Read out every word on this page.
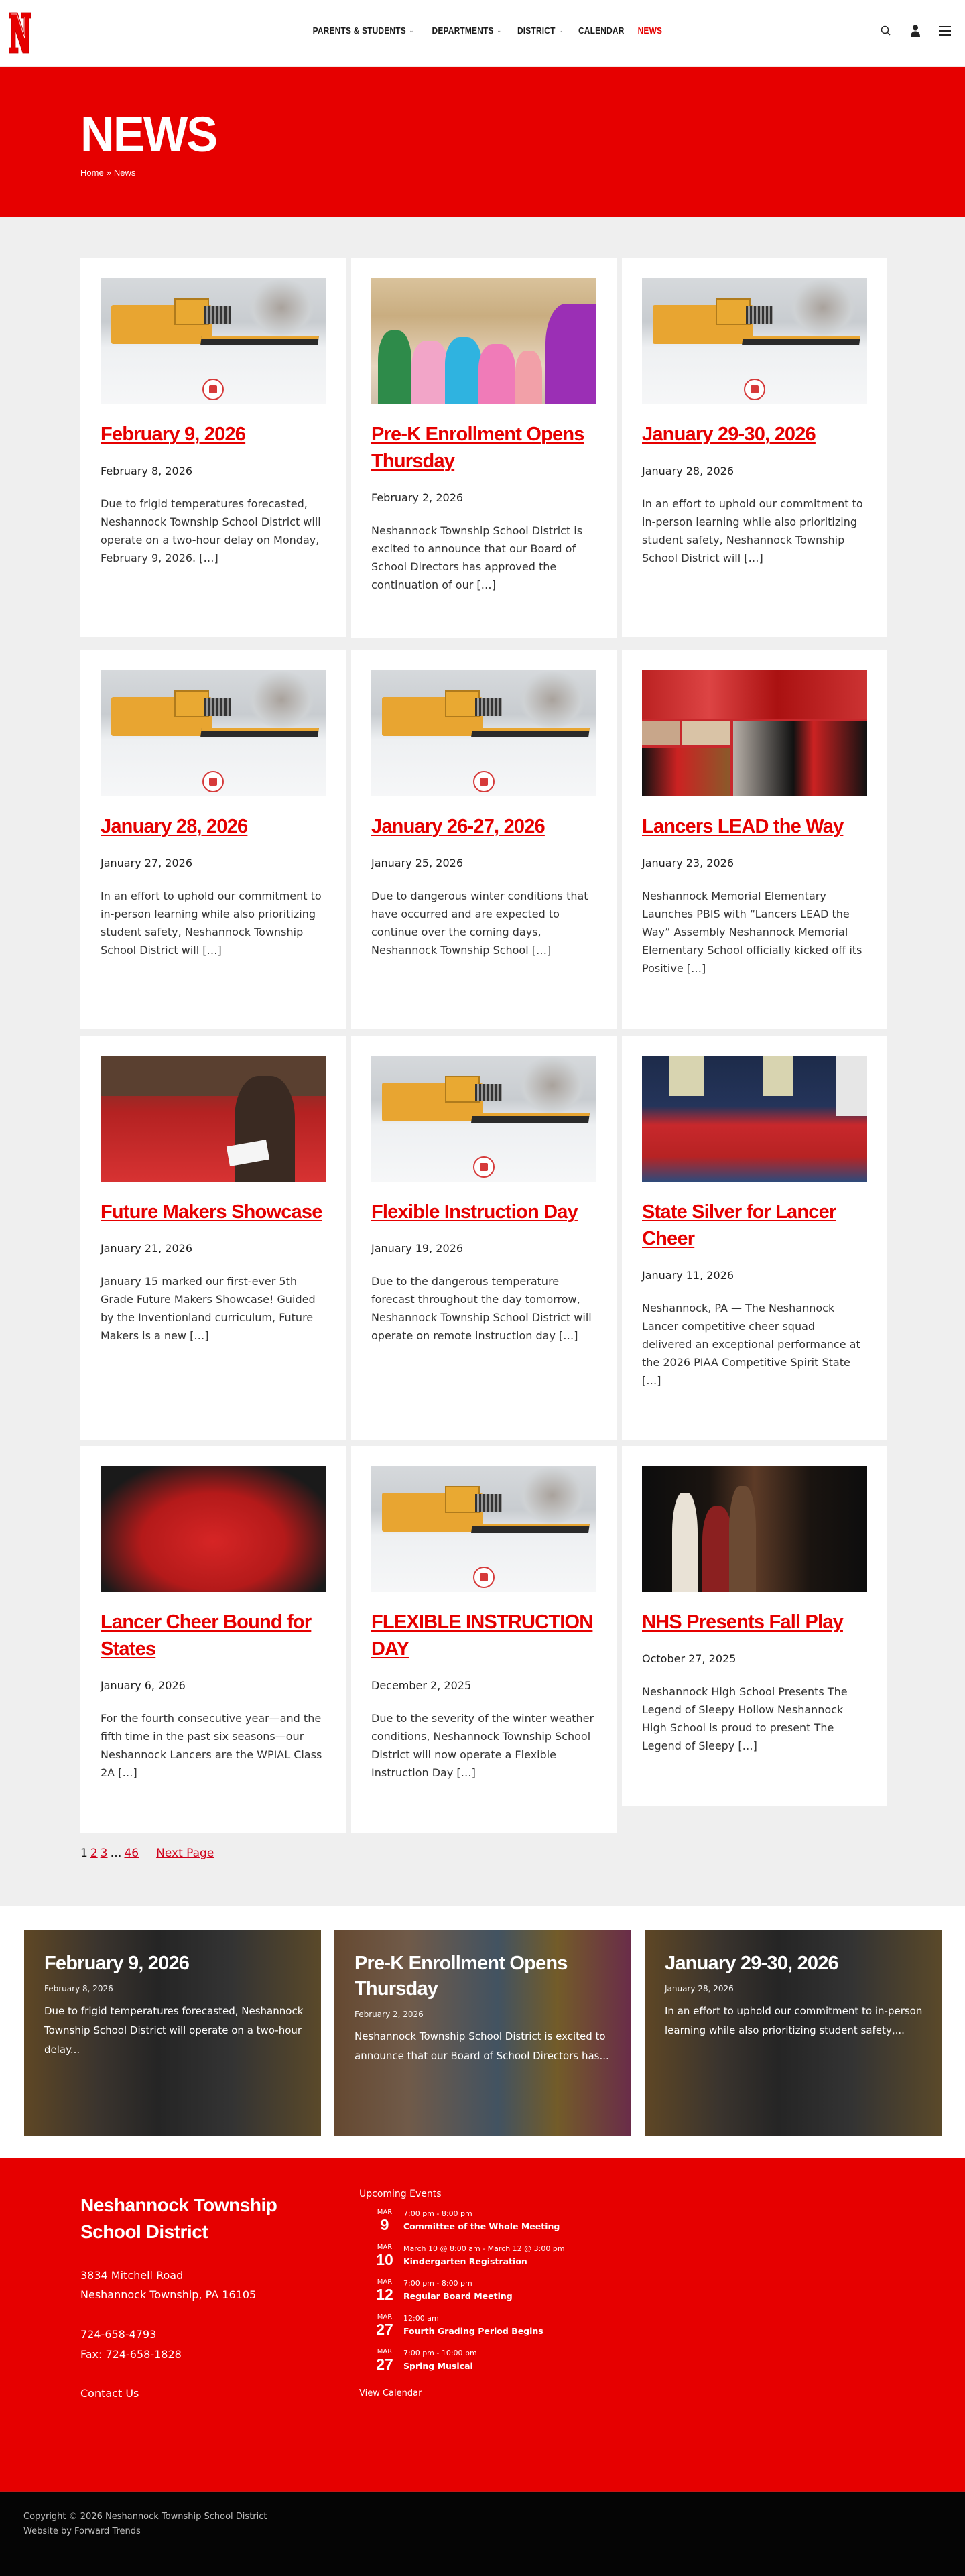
PARENTS & STUDENTS ⌄ DEPARTMENTS ⌄ DISTRICT ⌄ CALENDAR NEWS
NEWS
Home » News
February 9, 2026
February 8, 2026

Due to frigid temperatures forecasted, Neshannock Township School District will operate on a two-hour delay on Monday, February 9, 2026. […]

Pre-K Enrollment Opens Thursday
February 2, 2026

Neshannock Township School District is excited to announce that our Board of School Directors has approved the continuation of our […]

January 29-30, 2026
January 28, 2026

In an effort to uphold our commitment to in-person learning while also prioritizing student safety, Neshannock Township School District will […]

January 28, 2026
January 27, 2026

In an effort to uphold our commitment to in-person learning while also prioritizing student safety, Neshannock Township School District will […]

January 26-27, 2026
January 25, 2026

Due to dangerous winter conditions that have occurred and are expected to continue over the coming days, Neshannock Township School […]

Lancers LEAD the Way
January 23, 2026

Neshannock Memorial Elementary Launches PBIS with “Lancers LEAD the Way” Assembly Neshannock Memorial Elementary School officially kicked off its Positive […]

Future Makers Showcase
January 21, 2026

January 15 marked our first-ever 5th Grade Future Makers Showcase! Guided by the Inventionland curriculum, Future Makers is a new […]

Flexible Instruction Day
January 19, 2026

Due to the dangerous temperature forecast throughout the day tomorrow, Neshannock Township School District will operate on remote instruction day […]

State Silver for Lancer Cheer
January 11, 2026

Neshannock, PA — The Neshannock Lancer competitive cheer squad delivered an exceptional performance at the 2026 PIAA Competitive Spirit State […]

Lancer Cheer Bound for States
January 6, 2026

For the fourth consecutive year—and the fifth time in the past six seasons—our Neshannock Lancers are the WPIAL Class 2A […]

FLEXIBLE INSTRUCTION DAY
December 2, 2025

Due to the severity of the winter weather conditions, Neshannock Township School District will now operate a Flexible Instruction Day […]

NHS Presents Fall Play
October 27, 2025

Neshannock High School Presents The Legend of Sleepy Hollow Neshannock High School is proud to present The Legend of Sleepy […]

1 2 3 … 46 Next Page
February 9, 2026
February 8, 2026
Due to frigid temperatures forecasted, Neshannock Township School District will operate on a two-hour delay...
Pre-K Enrollment Opens Thursday
February 2, 2026
Neshannock Township School District is excited to announce that our Board of School Directors has...
January 29-30, 2026
January 28, 2026
In an effort to uphold our commitment to in-person learning while also prioritizing student safety,...
Neshannock Township School District
3834 Mitchell Road
Neshannock Township, PA 16105
724-658-4793
Fax: 724-658-1828
Contact Us
Upcoming Events
MAR
9
7:00 pm - 8:00 pm
Committee of the Whole Meeting
MAR
10
March 10 @ 8:00 am - March 12 @ 3:00 pm
Kindergarten Registration
MAR
12
7:00 pm - 8:00 pm
Regular Board Meeting
MAR
27
12:00 am
Fourth Grading Period Begins
MAR
27
7:00 pm - 10:00 pm
Spring Musical
View Calendar
Copyright © 2026 Neshannock Township School District
Website by Forward Trends
